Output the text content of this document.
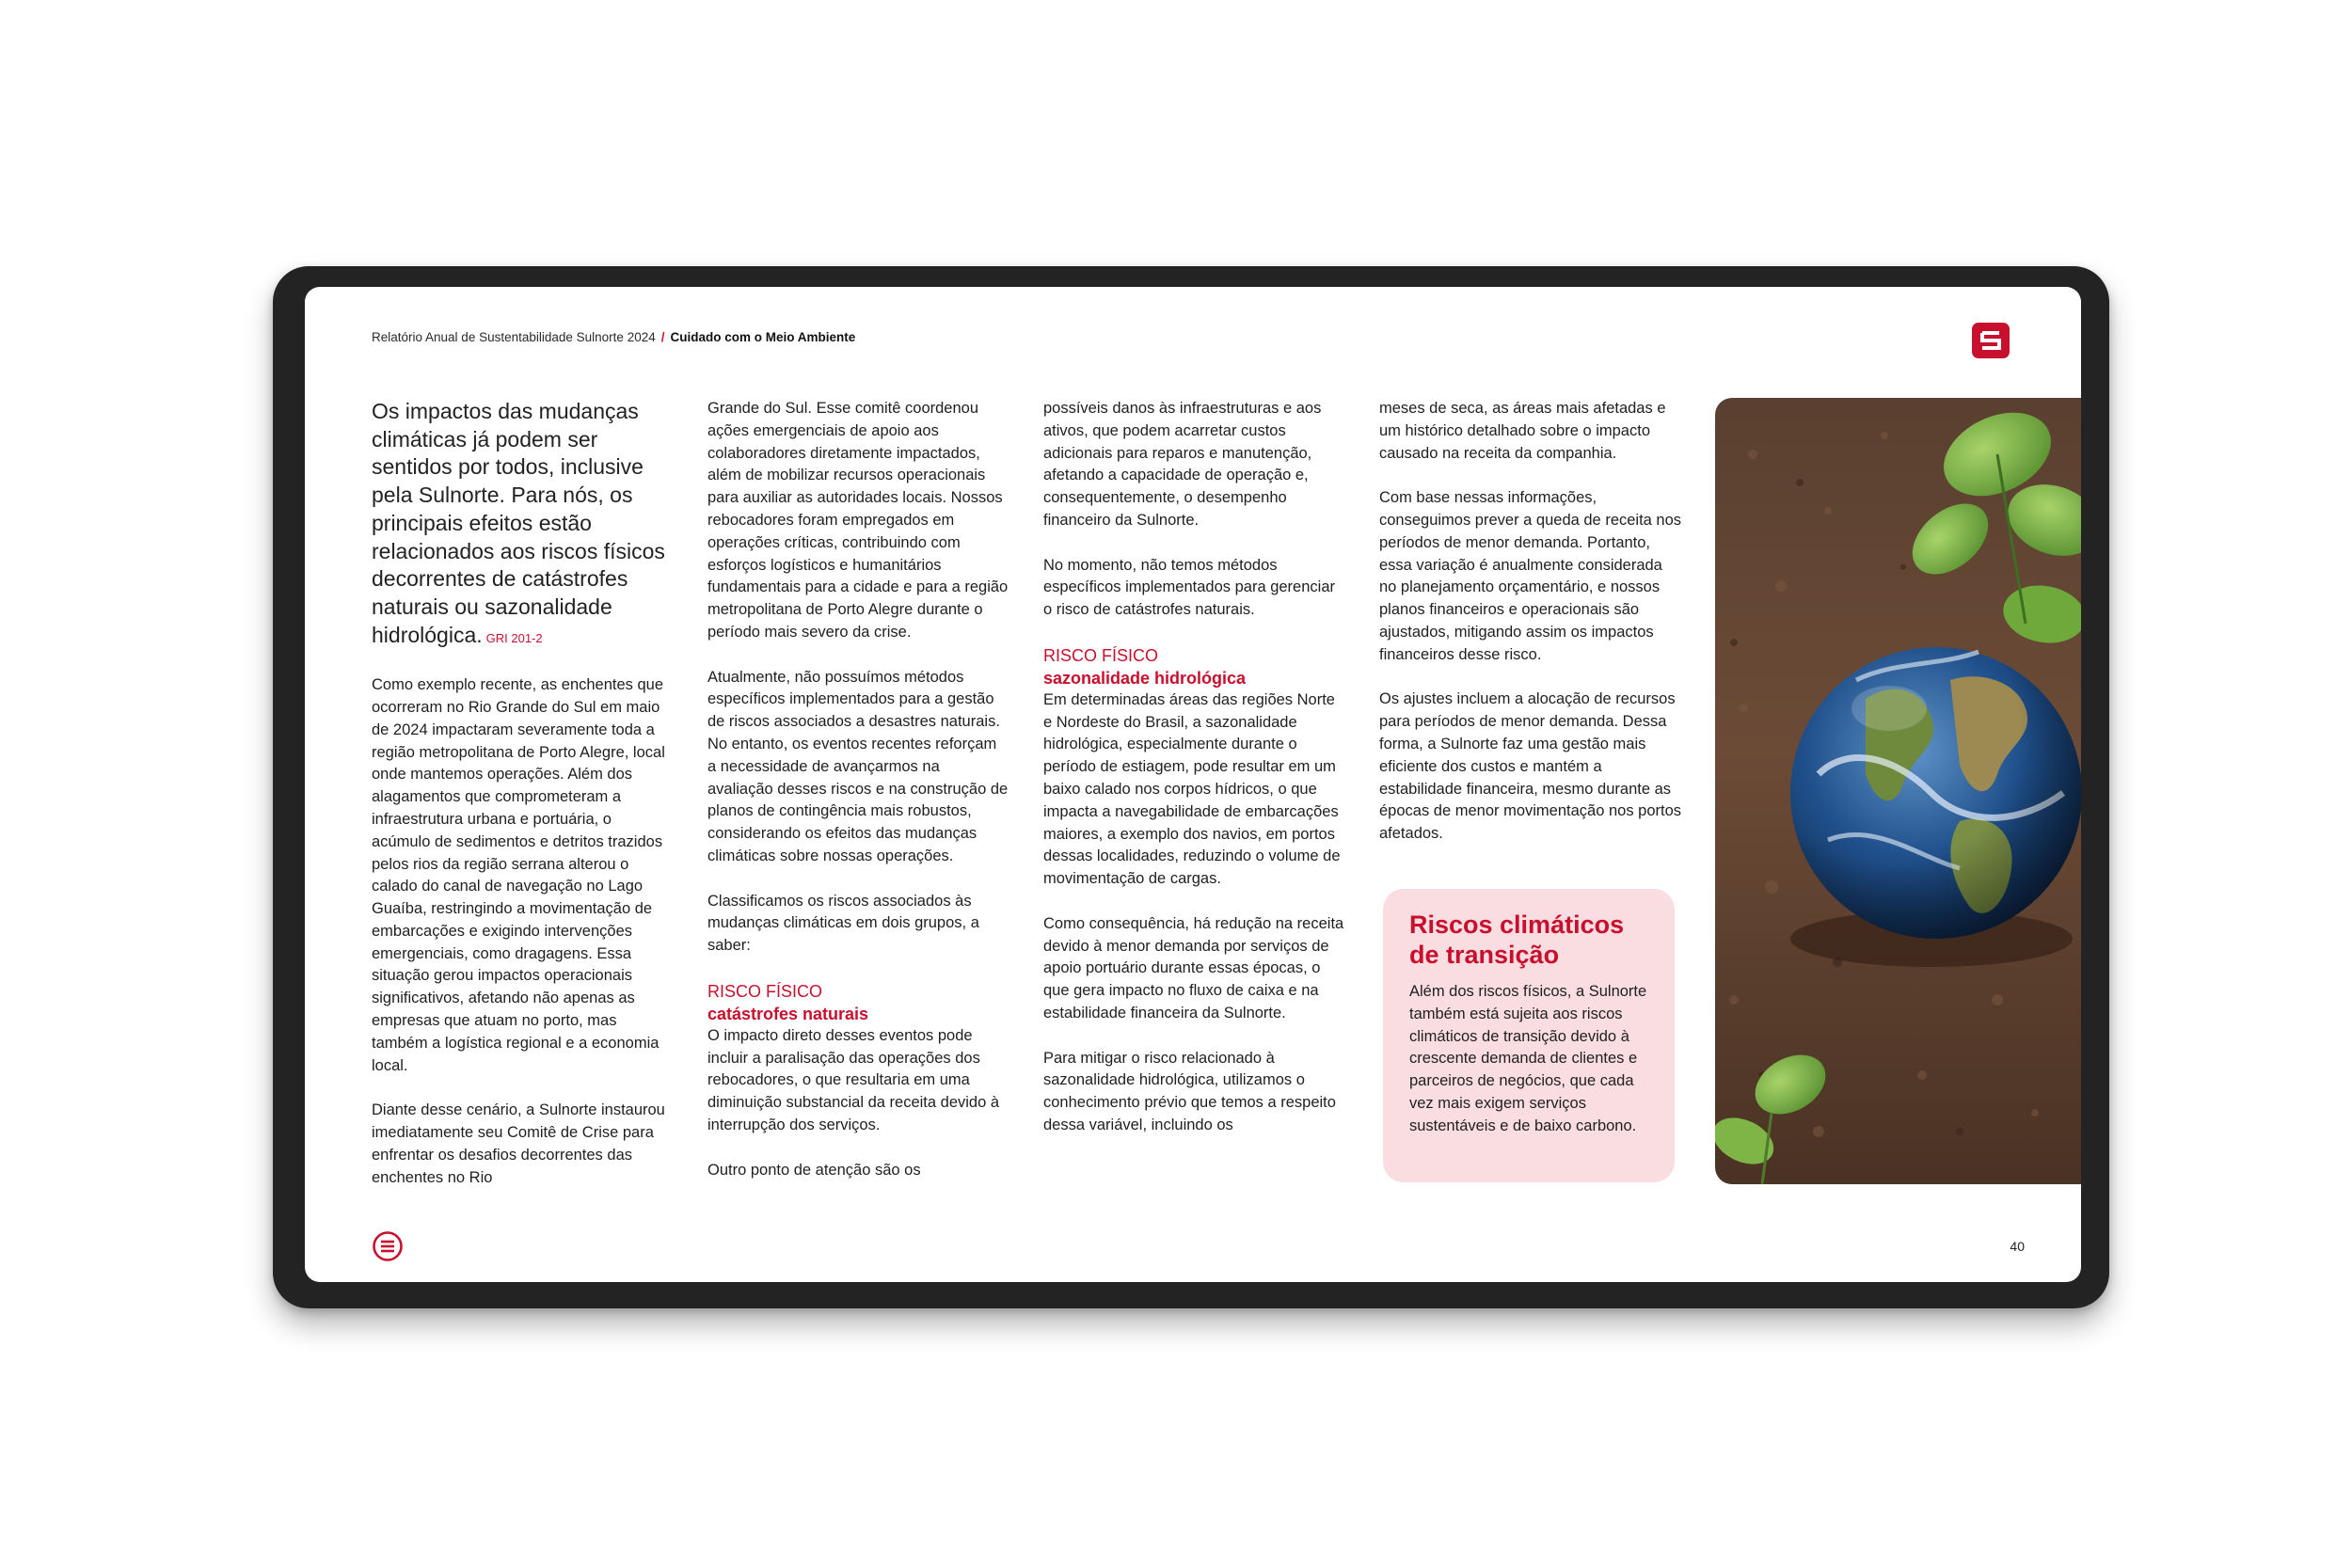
Relatório Anual de Sustentabilidade Sulnorte 2024 / Cuidado com o Meio Ambiente

Os impactos das mudanças climáticas já podem ser sentidos por todos, inclusive pela Sulnorte. Para nós, os principais efeitos estão relacionados aos riscos físicos decorrentes de catástrofes naturais ou sazonalidade hidrológica. GRI 201-2

Como exemplo recente, as enchentes que ocorreram no Rio Grande do Sul em maio de 2024 impactaram severamente toda a região metropolitana de Porto Alegre, local onde mantemos operações. Além dos alagamentos que comprometeram a infraestrutura urbana e portuária, o acúmulo de sedimentos e detritos trazidos pelos rios da região serrana alterou o calado do canal de navegação no Lago Guaíba, restringindo a movimentação de embarcações e exigindo intervenções emergenciais, como dragagens. Essa situação gerou impactos operacionais significativos, afetando não apenas as empresas que atuam no porto, mas também a logística regional e a economia local.

Diante desse cenário, a Sulnorte instaurou imediatamente seu Comitê de Crise para enfrentar os desafios decorrentes das enchentes no Rio

Grande do Sul. Esse comitê coordenou ações emergenciais de apoio aos colaboradores diretamente impactados, além de mobilizar recursos operacionais para auxiliar as autoridades locais. Nossos rebocadores foram empregados em operações críticas, contribuindo com esforços logísticos e humanitários fundamentais para a cidade e para a região metropolitana de Porto Alegre durante o período mais severo da crise.

Atualmente, não possuímos métodos específicos implementados para a gestão de riscos associados a desastres naturais. No entanto, os eventos recentes reforçam a necessidade de avançarmos na avaliação desses riscos e na construção de planos de contingência mais robustos, considerando os efeitos das mudanças climáticas sobre nossas operações.

Classificamos os riscos associados às mudanças climáticas em dois grupos, a saber:

RISCO FÍSICO
catástrofes naturais

O impacto direto desses eventos pode incluir a paralisação das operações dos rebocadores, o que resultaria em uma diminuição substancial da receita devido à interrupção dos serviços.

Outro ponto de atenção são os

possíveis danos às infraestruturas e aos ativos, que podem acarretar custos adicionais para reparos e manutenção, afetando a capacidade de operação e, consequentemente, o desempenho financeiro da Sulnorte.

No momento, não temos métodos específicos implementados para gerenciar o risco de catástrofes naturais.

RISCO FÍSICO
sazonalidade hidrológica

Em determinadas áreas das regiões Norte e Nordeste do Brasil, a sazonalidade hidrológica, especialmente durante o período de estiagem, pode resultar em um baixo calado nos corpos hídricos, o que impacta a navegabilidade de embarcações maiores, a exemplo dos navios, em portos dessas localidades, reduzindo o volume de movimentação de cargas.

Como consequência, há redução na receita devido à menor demanda por serviços de apoio portuário durante essas épocas, o que gera impacto no fluxo de caixa e na estabilidade financeira da Sulnorte.

Para mitigar o risco relacionado à sazonalidade hidrológica, utilizamos o conhecimento prévio que temos a respeito dessa variável, incluindo os

meses de seca, as áreas mais afetadas e um histórico detalhado sobre o impacto causado na receita da companhia.

Com base nessas informações, conseguimos prever a queda de receita nos períodos de menor demanda. Portanto, essa variação é anualmente considerada no planejamento orçamentário, e nossos planos financeiros e operacionais são ajustados, mitigando assim os impactos financeiros desse risco.

Os ajustes incluem a alocação de recursos para períodos de menor demanda. Dessa forma, a Sulnorte faz uma gestão mais eficiente dos custos e mantém a estabilidade financeira, mesmo durante as épocas de menor movimentação nos portos afetados.

Riscos climáticos de transição

Além dos riscos físicos, a Sulnorte também está sujeita aos riscos climáticos de transição devido à crescente demanda de clientes e parceiros de negócios, que cada vez mais exigem serviços sustentáveis e de baixo carbono.

40
